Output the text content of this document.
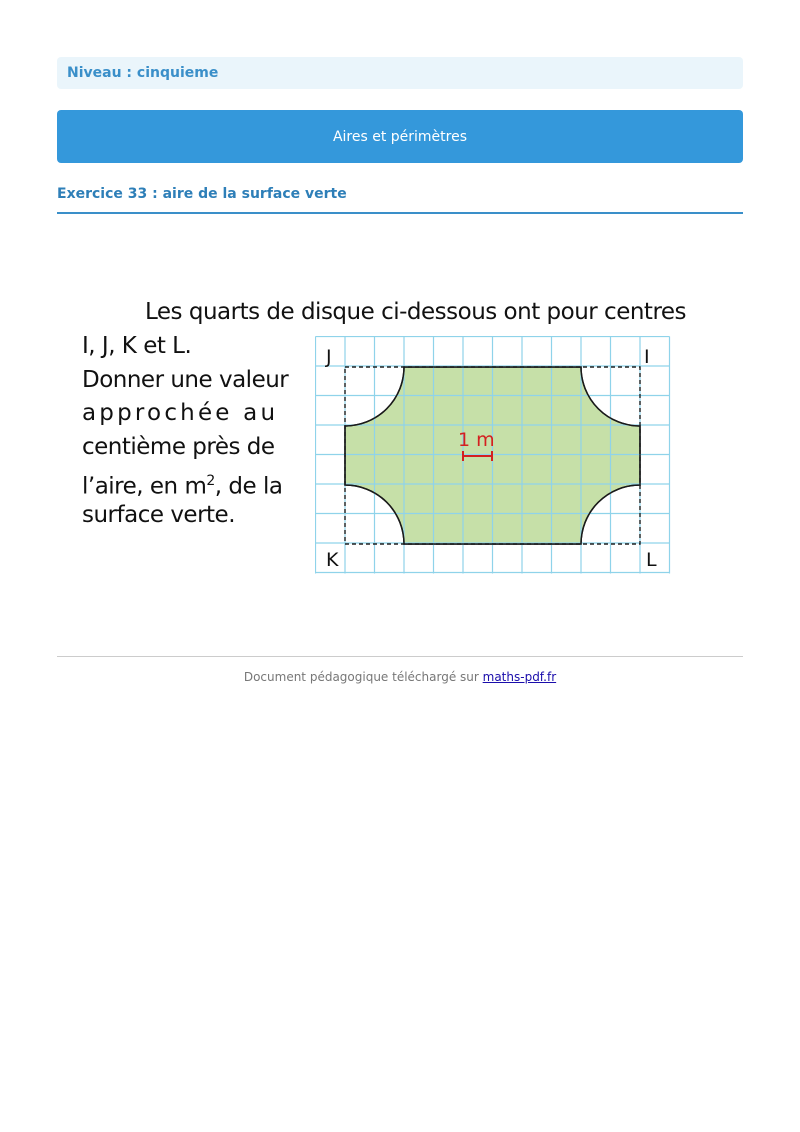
Niveau : cinquieme
Aires et périmètres
Exercice 33 : aire de la surface verte
Les quarts de disque ci-dessous ont pour centres
I, J, K et L.
Donner une valeur
approchée au
centième près de
l’aire, en $m^2$, de la
surface verte.
J	I
K	L
1 m
Document pédagogique téléchargé sur maths-pdf.fr
